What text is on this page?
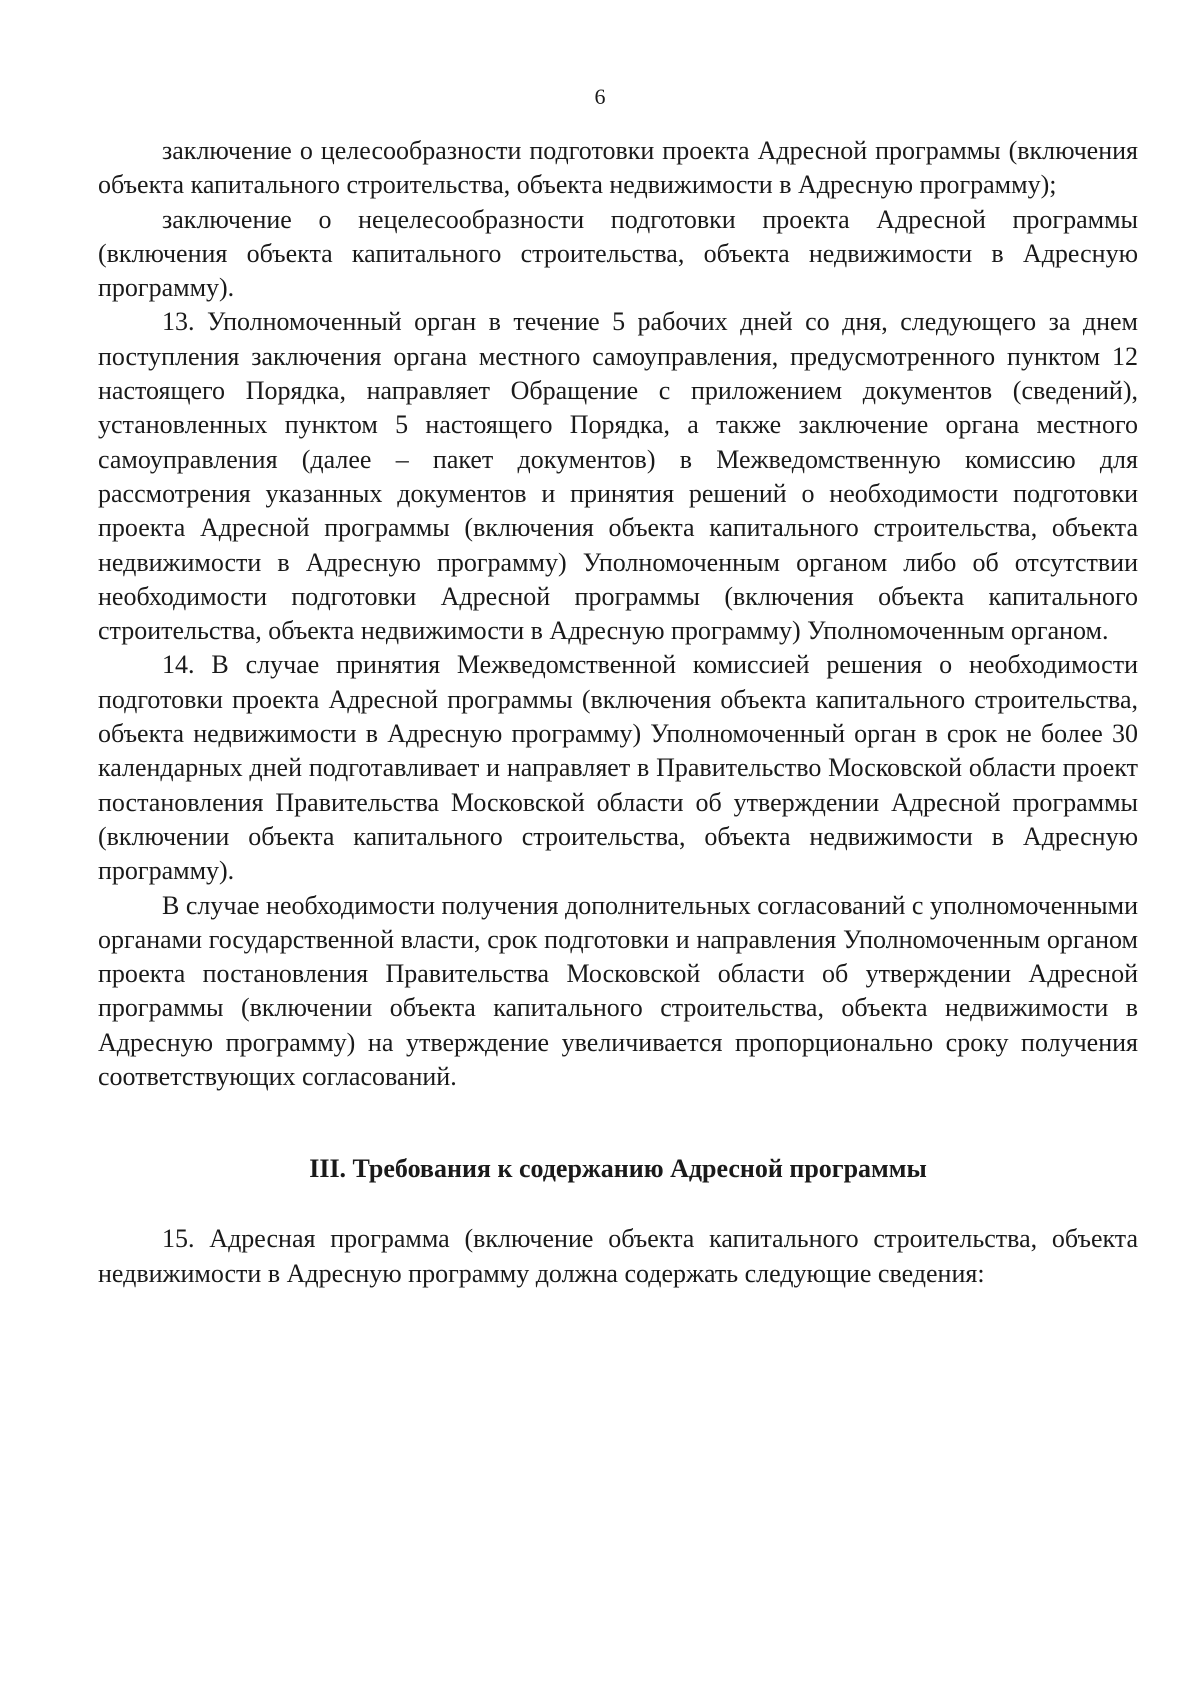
6

заключение о целесообразности подготовки проекта Адресной программы (включения объекта капитального строительства, объекта недвижимости в Адресную программу);

заключение о нецелесообразности подготовки проекта Адресной программы (включения объекта капитального строительства, объекта недвижимости в Адресную программу).

13. Уполномоченный орган в течение 5 рабочих дней со дня, следующего за днем поступления заключения органа местного самоуправления, предусмотренного пунктом 12 настоящего Порядка, направляет Обращение с приложением документов (сведений), установленных пунктом 5 настоящего Порядка, а также заключение органа местного самоуправления (далее – пакет документов) в Межведомственную комиссию для рассмотрения указанных документов и принятия решений о необходимости подготовки проекта Адресной программы (включения объекта капитального строительства, объекта недвижимости в Адресную программу) Уполномоченным органом либо об отсутствии необходимости подготовки Адресной программы (включения объекта капитального строительства, объекта недвижимости в Адресную программу) Уполномоченным органом.

14. В случае принятия Межведомственной комиссией решения о необходимости подготовки проекта Адресной программы (включения объекта капитального строительства, объекта недвижимости в Адресную программу) Уполномоченный орган в срок не более 30 календарных дней подготавливает и направляет в Правительство Московской области проект постановления Правительства Московской области об утверждении Адресной программы (включении объекта капитального строительства, объекта недвижимости в Адресную программу).

В случае необходимости получения дополнительных согласований с уполномоченными органами государственной власти, срок подготовки и направления Уполномоченным органом проекта постановления Правительства Московской области об утверждении Адресной программы (включении объекта капитального строительства, объекта недвижимости в Адресную программу) на утверждение увеличивается пропорционально сроку получения соответствующих согласований.

III. Требования к содержанию Адресной программы

15. Адресная программа (включение объекта капитального строительства, объекта недвижимости в Адресную программу должна содержать следующие сведения:
